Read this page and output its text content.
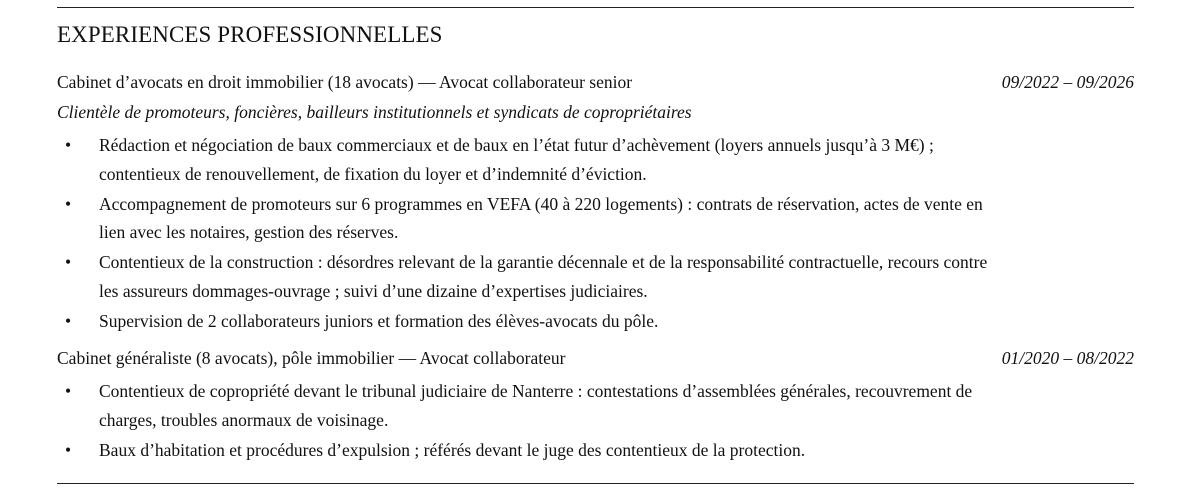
EXPERIENCES PROFESSIONNELLES
Cabinet d’avocats en droit immobilier (18 avocats) — Avocat collaborateur senior	09/2022 – 09/2026
Clientèle de promoteurs, foncières, bailleurs institutionnels et syndicats de copropriétaires
• Rédaction et négociation de baux commerciaux et de baux en l’état futur d’achèvement (loyers annuels jusqu’à 3 M€) ; contentieux de renouvellement, de fixation du loyer et d’indemnité d’éviction.
• Accompagnement de promoteurs sur 6 programmes en VEFA (40 à 220 logements) : contrats de réservation, actes de vente en lien avec les notaires, gestion des réserves.
• Contentieux de la construction : désordres relevant de la garantie décennale et de la responsabilité contractuelle, recours contre les assureurs dommages-ouvrage ; suivi d’une dizaine d’expertises judiciaires.
• Supervision de 2 collaborateurs juniors et formation des élèves-avocats du pôle.
Cabinet généraliste (8 avocats), pôle immobilier — Avocat collaborateur	01/2020 – 08/2022
• Contentieux de copropriété devant le tribunal judiciaire de Nanterre : contestations d’assemblées générales, recouvrement de charges, troubles anormaux de voisinage.
• Baux d’habitation et procédures d’expulsion ; référés devant le juge des contentieux de la protection.
